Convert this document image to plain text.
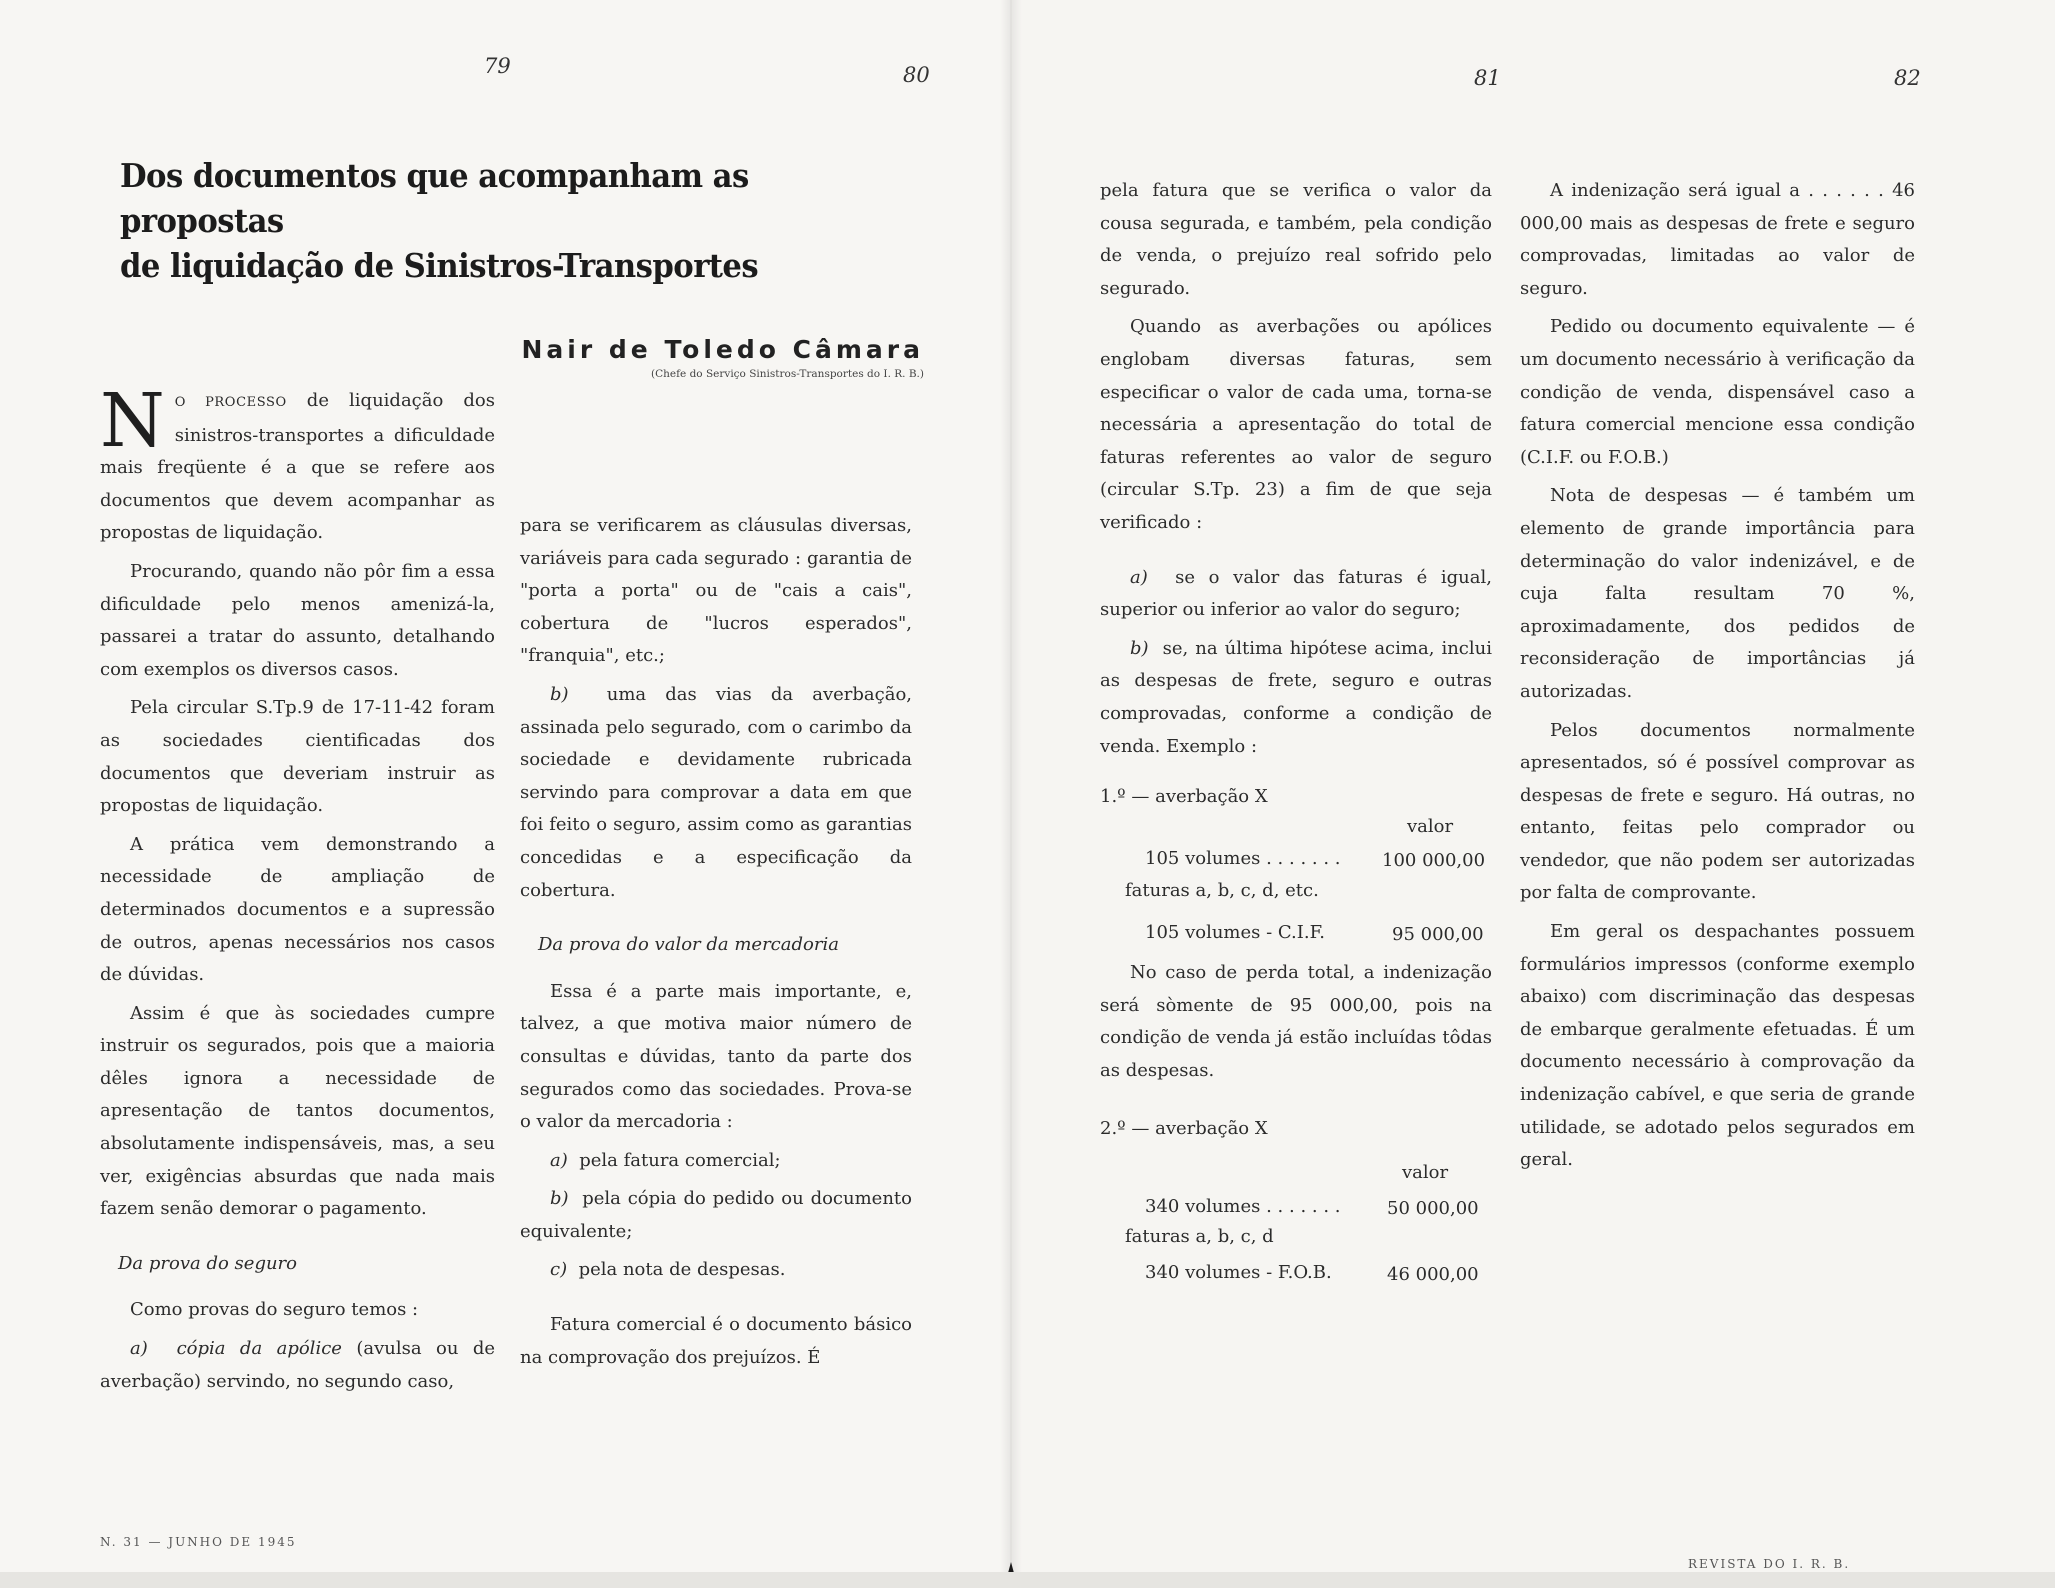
79	80	81	82
Dos documentos que acompanham as propostas
de liquidação de Sinistros-Transportes
Nair de Toledo Câmara
(Chefe do Serviço Sinistros-Transportes do I. R. B.)

N O PROCESSO de liquidação dos sinistros-transportes a dificuldade mais freqüente é a que se refere aos documentos que devem acompanhar as propostas de liquidação.

Procurando, quando não pôr fim a essa dificuldade pelo menos amenizá-la, passarei a tratar do assunto, detalhando com exemplos os diversos casos.

Pela circular S.Tp.9 de 17-11-42 foram as sociedades cientificadas dos documentos que deveriam instruir as propostas de liquidação.

A prática vem demonstrando a necessidade de ampliação de determinados documentos e a supressão de outros, apenas necessários nos casos de dúvidas.

Assim é que às sociedades cumpre instruir os segurados, pois que a maioria dêles ignora a necessidade de apresentação de tantos documentos, absolutamente indispensáveis, mas, a seu ver, exigências absurdas que nada mais fazem senão demorar o pagamento.

Da prova do seguro

Como provas do seguro temos :

a) cópia da apólice (avulsa ou de averbação) servindo, no segundo caso,

para se verificarem as cláusulas diversas, variáveis para cada segurado : garantia de "porta a porta" ou de "cais a cais", cobertura de "lucros esperados", "franquia", etc.;

b) uma das vias da averbação, assinada pelo segurado, com o carimbo da sociedade e devidamente rubricada servindo para comprovar a data em que foi feito o seguro, assim como as garantias concedidas e a especificação da cobertura.

Da prova do valor da mercadoria

Essa é a parte mais importante, e, talvez, a que motiva maior número de consultas e dúvidas, tanto da parte dos segurados como das sociedades. Prova-se o valor da mercadoria :

a) pela fatura comercial;

b) pela cópia do pedido ou documento equivalente;

c) pela nota de despesas.

Fatura comercial é o documento básico na comprovação dos prejuízos. É

pela fatura que se verifica o valor da cousa segurada, e também, pela condição de venda, o prejuízo real sofrido pelo segurado.

Quando as averbações ou apólices englobam diversas faturas, sem especificar o valor de cada uma, torna-se necessária a apresentação do total de faturas referentes ao valor de seguro (circular S.Tp. 23) a fim de que seja verificado :

a) se o valor das faturas é igual, superior ou inferior ao valor do seguro;

b) se, na última hipótese acima, inclui as despesas de frete, seguro e outras comprovadas, conforme a condição de venda. Exemplo :

1.º — averbação X
valor
105 volumes . . . . . . . 100 000,00
faturas a, b, c, d, etc.
105 volumes - C.I.F.	95 000,00

No caso de perda total, a indenização será sòmente de 95 000,00, pois na condição de venda já estão incluídas tôdas as despesas.

2.º — averbação X
valor
340 volumes . . . . . . .	50 000,00
faturas a, b, c, d
340 volumes - F.O.B.	46 000,00

A indenização será igual a . . . . . . 46 000,00 mais as despesas de frete e seguro comprovadas, limitadas ao valor de seguro.

Pedido ou documento equivalente — é um documento necessário à verificação da condição de venda, dispensável caso a fatura comercial mencione essa condição (C.I.F. ou F.O.B.)

Nota de despesas — é também um elemento de grande importância para determinação do valor indenizável, e de cuja falta resultam 70 %, aproximadamente, dos pedidos de reconsideração de importâncias já autorizadas.

Pelos documentos normalmente apresentados, só é possível comprovar as despesas de frete e seguro. Há outras, no entanto, feitas pelo comprador ou vendedor, que não podem ser autorizadas por falta de comprovante.

Em geral os despachantes possuem formulários impressos (conforme exemplo abaixo) com discriminação das despesas de embarque geralmente efetuadas. É um documento necessário à comprovação da indenização cabível, e que seria de grande utilidade, se adotado pelos segurados em geral.

N. 31 — JUNHO DE 1945
REVISTA DO I. R. B.
